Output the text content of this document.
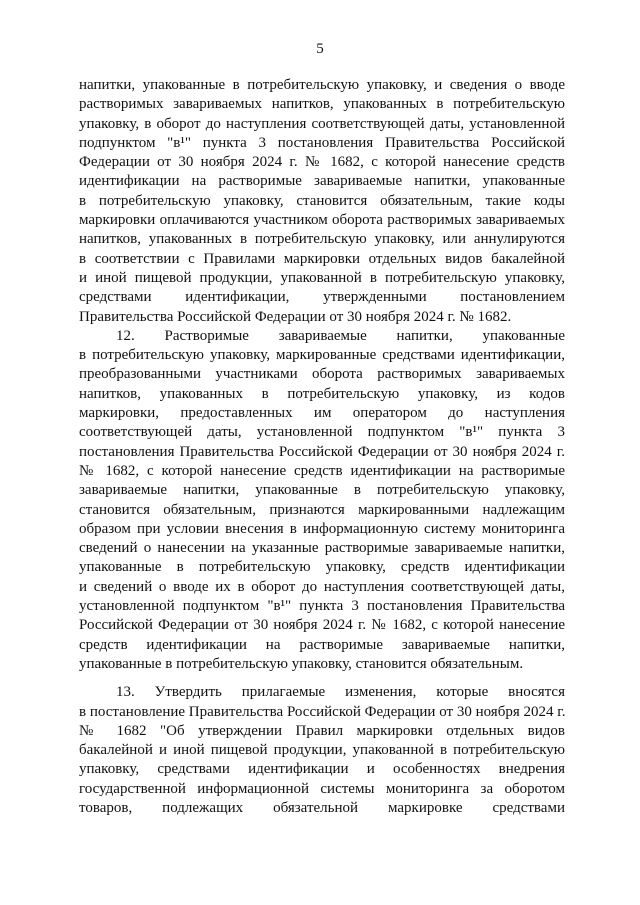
5
напитки, упакованные в потребительскую упаковку, и сведения о вводе
растворимых завариваемых напитков, упакованных в потребительскую
упаковку, в оборот до наступления соответствующей даты, установленной
подпунктом "в¹" пункта 3 постановления Правительства Российской
Федерации от 30 ноября 2024 г. № 1682, с которой нанесение средств
идентификации на растворимые завариваемые напитки, упакованные
в потребительскую упаковку, становится обязательным, такие коды
маркировки оплачиваются участником оборота растворимых завариваемых
напитков, упакованных в потребительскую упаковку, или аннулируются
в соответствии с Правилами маркировки отдельных видов бакалейной
и иной пищевой продукции, упакованной в потребительскую упаковку,
средствами идентификации, утвержденными постановлением
Правительства Российской Федерации от 30 ноября 2024 г. № 1682.
12. Растворимые завариваемые напитки, упакованные
в потребительскую упаковку, маркированные средствами идентификации,
преобразованными участниками оборота растворимых завариваемых
напитков, упакованных в потребительскую упаковку, из кодов
маркировки, предоставленных им оператором до наступления
соответствующей даты, установленной подпунктом "в¹" пункта 3
постановления Правительства Российской Федерации от 30 ноября 2024 г.
№ 1682, с которой нанесение средств идентификации на растворимые
завариваемые напитки, упакованные в потребительскую упаковку,
становится обязательным, признаются маркированными надлежащим
образом при условии внесения в информационную систему мониторинга
сведений о нанесении на указанные растворимые завариваемые напитки,
упакованные в потребительскую упаковку, средств идентификации
и сведений о вводе их в оборот до наступления соответствующей даты,
установленной подпунктом "в¹" пункта 3 постановления Правительства
Российской Федерации от 30 ноября 2024 г. № 1682, с которой нанесение
средств идентификации на растворимые завариваемые напитки,
упакованные в потребительскую упаковку, становится обязательным.
13. Утвердить прилагаемые изменения, которые вносятся
в постановление Правительства Российской Федерации от 30 ноября 2024 г.
№ 1682 "Об утверждении Правил маркировки отдельных видов
бакалейной и иной пищевой продукции, упакованной в потребительскую
упаковку, средствами идентификации и особенностях внедрения
государственной информационной системы мониторинга за оборотом
товаров, подлежащих обязательной маркировке средствами
